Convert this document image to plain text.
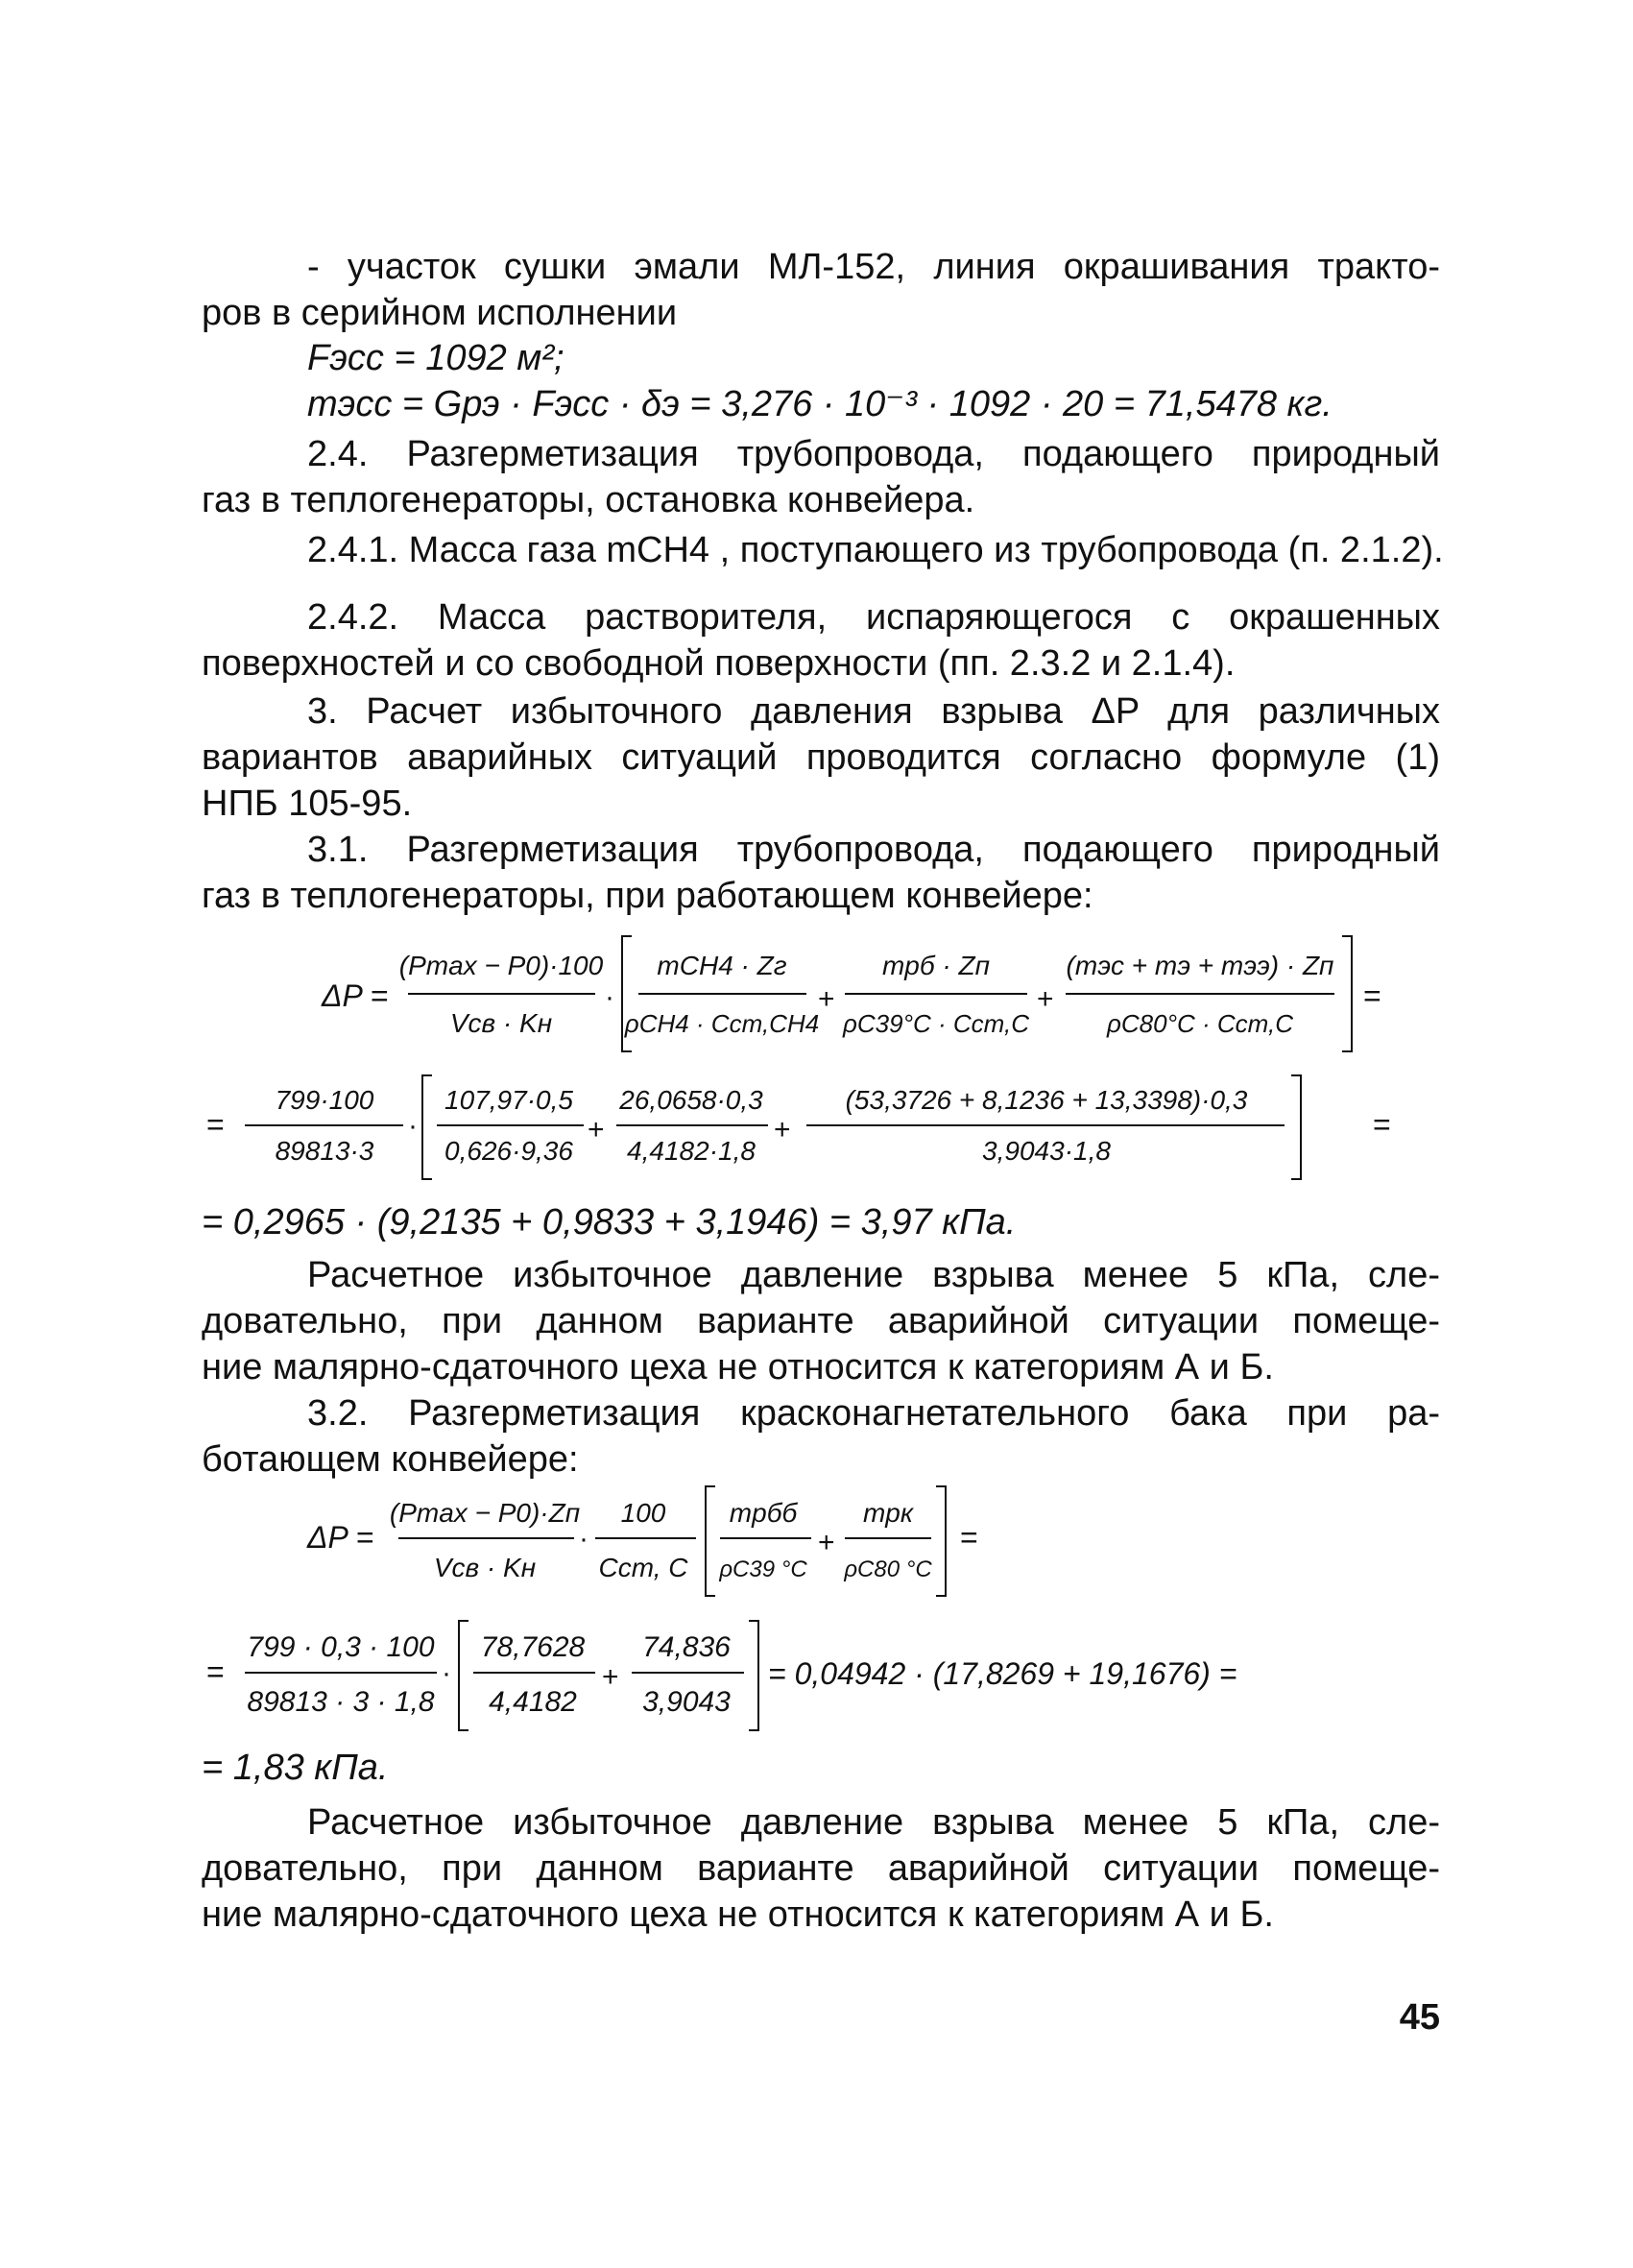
- участок сушки эмали МЛ-152, линия окрашивания тракто-
ров в серийном исполнении
Fэсс = 1092 м²;
mэсс = Gрэ · Fэсс · δэ = 3,276 · 10⁻³ · 1092 · 20 = 71,5478 кг.
2.4. Разгерметизация трубопровода, подающего природный
газ в теплогенераторы, остановка конвейера.
2.4.1. Масса газа mCH4 , поступающего из трубопровода (п. 2.1.2).
2.4.2. Масса растворителя, испаряющегося с окрашенных
поверхностей и со свободной поверхности (пп. 2.3.2 и 2.1.4).
3. Расчет избыточного давления взрыва ΔP для различных
вариантов аварийных ситуаций проводится согласно формуле (1)
НПБ 105-95.
3.1. Разгерметизация трубопровода, подающего природный
газ в теплогенераторы, при работающем конвейере:
ΔP =
(Pmax − P0)·100
Vсв · Kн
·
mCH4 · Zг
ρCH4 · Cст,CH4
+
mрб · Zп
ρC39°C · Cст,С
+
(mэс + mэ + mээ) · Zп
ρC80°C · Cст,С
=
=
799·100
89813·3
·
107,97·0,5
0,626·9,36
+
26,0658·0,3
4,4182·1,8
+
(53,3726 + 8,1236 + 13,3398)·0,3
3,9043·1,8
=
= 0,2965 · (9,2135 + 0,9833 + 3,1946) = 3,97 кПа.
Расчетное избыточное давление взрыва менее 5 кПа, сле-
довательно, при данном варианте аварийной ситуации помеще-
ние малярно-сдаточного цеха не относится к категориям А и Б.
3.2. Разгерметизация красконагнетательного бака при ра-
ботающем конвейере:
ΔP =
(Pmax − P0)·Zп
Vсв · Kн
·
100
Cст, С
mрбб
ρC39 °C
+
mрк
ρC80 °C
=
=
799 · 0,3 · 100
89813 · 3 · 1,8
·
78,7628
4,4182
+
74,836
3,9043
= 0,04942 · (17,8269 + 19,1676) =
= 1,83 кПа.
Расчетное избыточное давление взрыва менее 5 кПа, сле-
довательно, при данном варианте аварийной ситуации помеще-
ние малярно-сдаточного цеха не относится к категориям А и Б.
45
